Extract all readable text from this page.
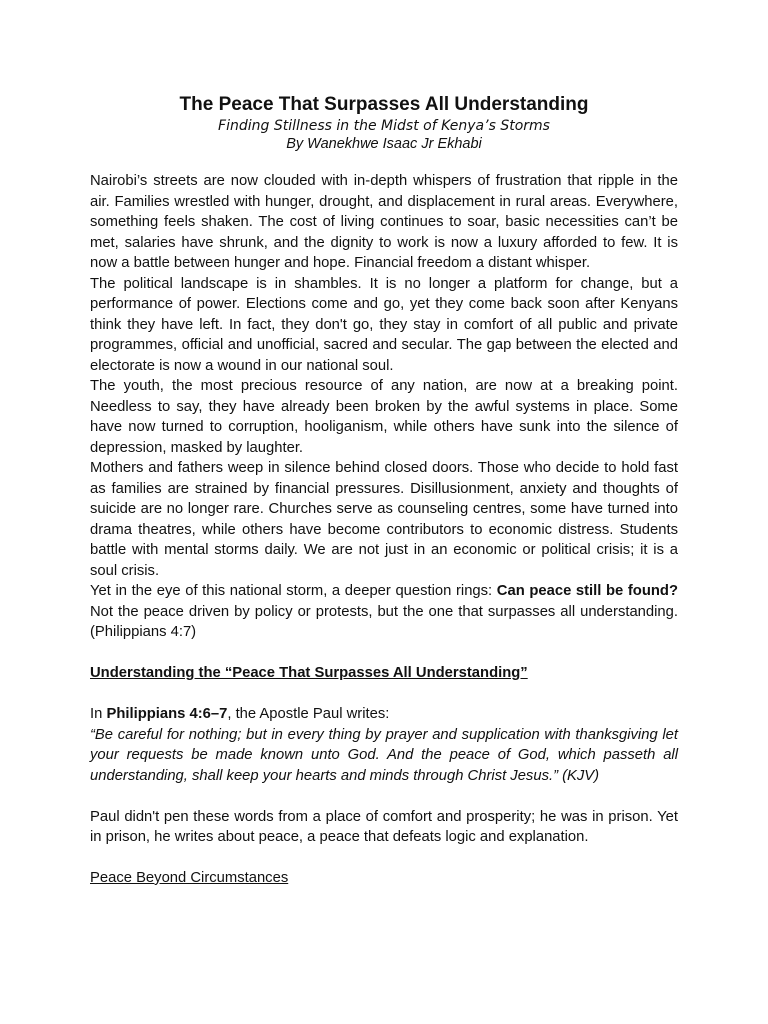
The Peace That Surpasses All Understanding

Finding Stillness in the Midst of Kenya’s Storms

By Wanekhwe Isaac Jr Ekhabi

Nairobi’s streets are now clouded with in-depth whispers of frustration that ripple in the air. Families wrestled with hunger, drought, and displacement in rural areas. Everywhere, something feels shaken. The cost of living continues to soar, basic necessities can’t be met, salaries have shrunk, and the dignity to work is now a luxury afforded to few. It is now a battle between hunger and hope. Financial freedom a distant whisper.

The political landscape is in shambles. It is no longer a platform for change, but a performance of power. Elections come and go, yet they come back soon after Kenyans think they have left. In fact, they don't go, they stay in comfort of all public and private programmes, official and unofficial, sacred and secular. The gap between the elected and electorate is now a wound in our national soul.

The youth, the most precious resource of any nation, are now at a breaking point. Needless to say, they have already been broken by the awful systems in place. Some have now turned to corruption, hooliganism, while others have sunk into the silence of depression, masked by laughter.

Mothers and fathers weep in silence behind closed doors. Those who decide to hold fast as families are strained by financial pressures. Disillusionment, anxiety and thoughts of suicide are no longer rare. Churches serve as counseling centres, some have turned into drama theatres, while others have become contributors to economic distress. Students battle with mental storms daily. We are not just in an economic or political crisis; it is a soul crisis.

Yet in the eye of this national storm, a deeper question rings: Can peace still be found? Not the peace driven by policy or protests, but the one that surpasses all understanding. (Philippians 4:7)

Understanding the “Peace That Surpasses All Understanding”

In Philippians 4:6–7, the Apostle Paul writes:

“Be careful for nothing; but in every thing by prayer and supplication with thanksgiving let your requests be made known unto God. And the peace of God, which passeth all understanding, shall keep your hearts and minds through Christ Jesus.” (KJV)

Paul didn't pen these words from a place of comfort and prosperity; he was in prison. Yet in prison, he writes about peace, a peace that defeats logic and explanation.

Peace Beyond Circumstances
